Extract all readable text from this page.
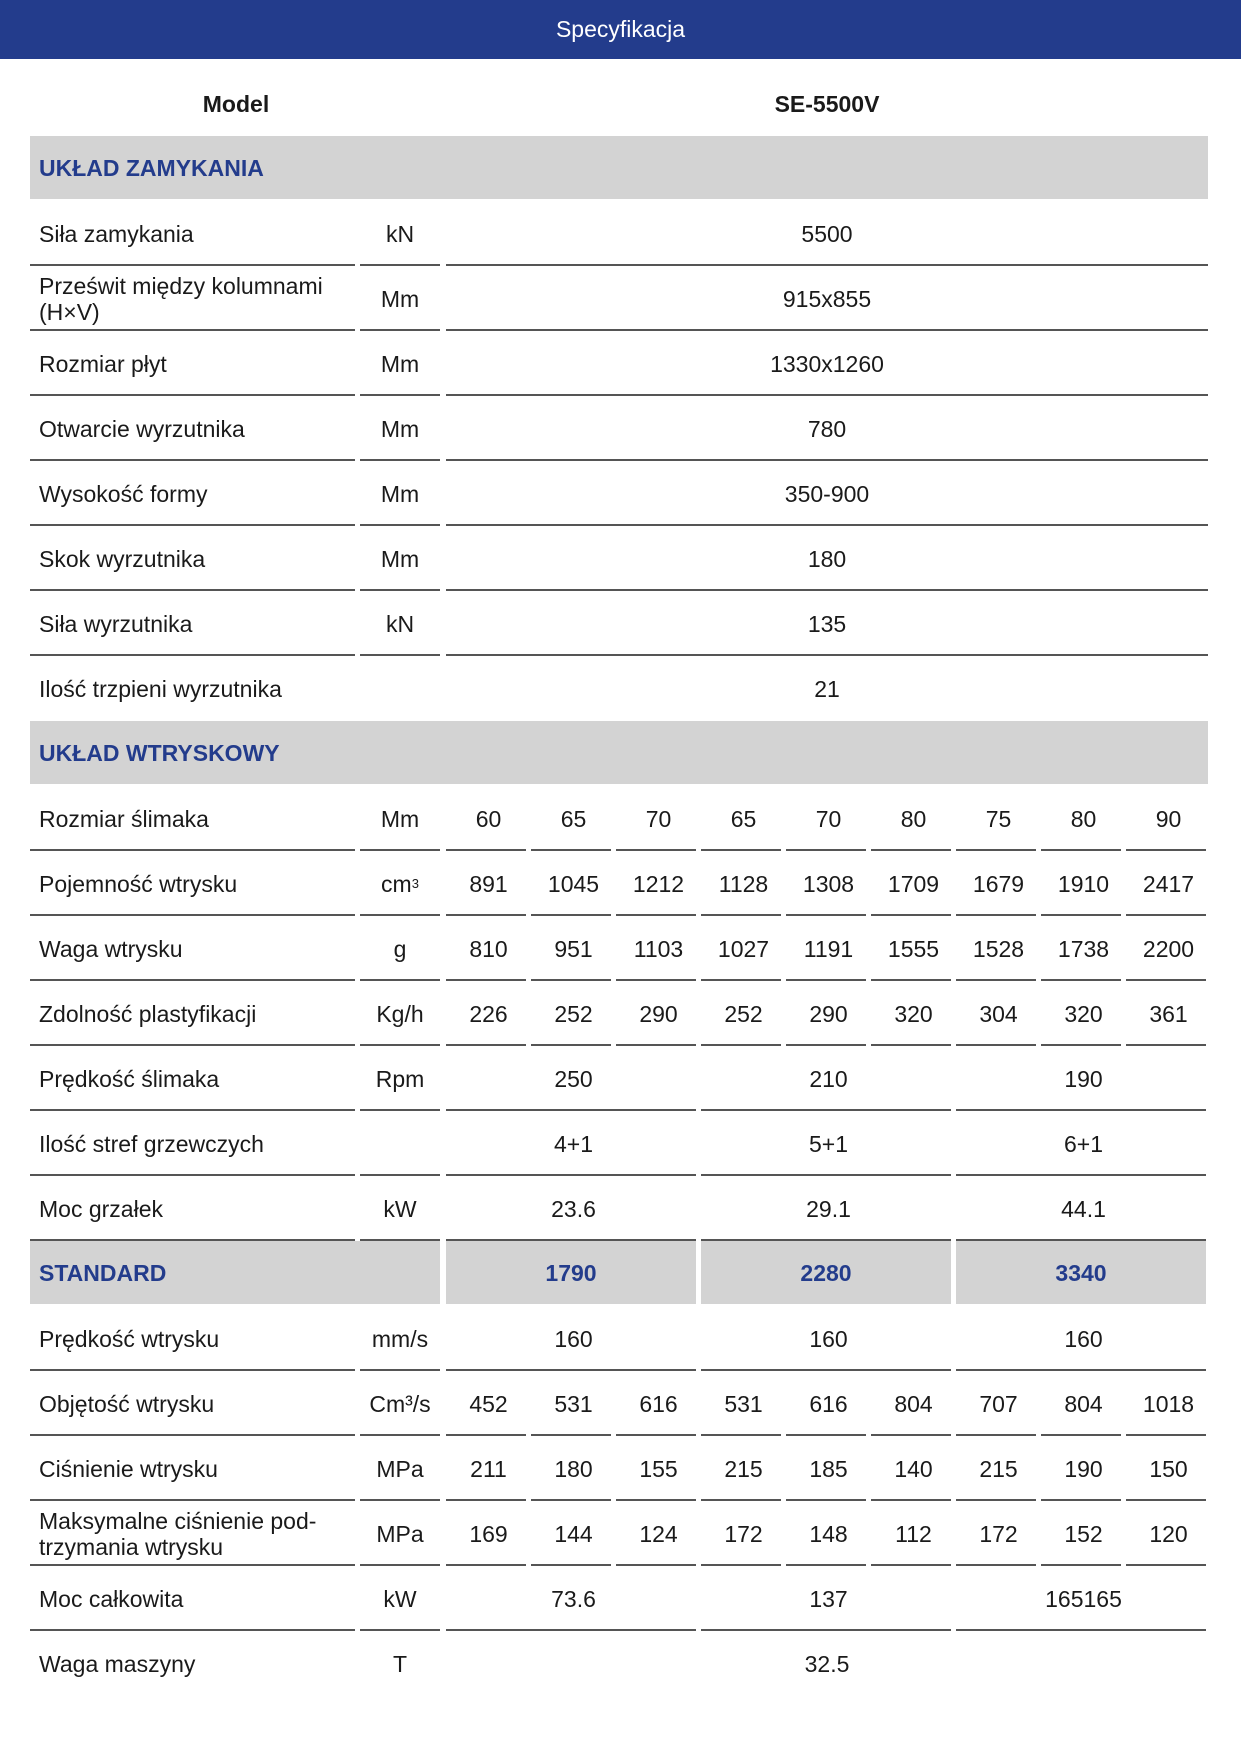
Specyfikacja
Model	SE-5500V
UKŁAD ZAMYKANIA
Siła zamykania	kN	5500
Prześwit między kolumnami (H×V)	Mm	915x855
Rozmiar płyt	Mm	1330x1260
Otwarcie wyrzutnika	Mm	780
Wysokość formy	Mm	350-900
Skok wyrzutnika	Mm	180
Siła wyrzutnika	kN	135
Ilość trzpieni wyrzutnika	21
UKŁAD WTRYSKOWY
Rozmiar ślimaka	Mm	60	65	70	65	70	80	75	80	90
Pojemność wtrysku	cm 3	891	1045	1212	1128	1308	1709	1679	1910	2417
Waga wtrysku	g	810	951	1103	1027	1191	1555	1528	1738	2200
Zdolność plastyfikacji	Kg/h	226	252	290	252	290	320	304	320	361
Prędkość ślimaka	Rpm	250	210	190
Ilość stref grzewczych	4+1	5+1	6+1
Moc grzałek	kW	23.6	29.1	44.1
STANDARD	1790	2280	3340
Prędkość wtrysku	mm/s	160	160	160
Objętość wtrysku	Cm³/s	452	531	616	531	616	804	707	804	1018
Ciśnienie wtrysku	MPa	211	180	155	215	185	140	215	190	150
Maksymalne ciśnienie pod-trzymania wtrysku	MPa	169	144	124	172	148	112	172	152	120
Moc całkowita	kW	73.6	137	165165
Waga maszyny	T	32.5
